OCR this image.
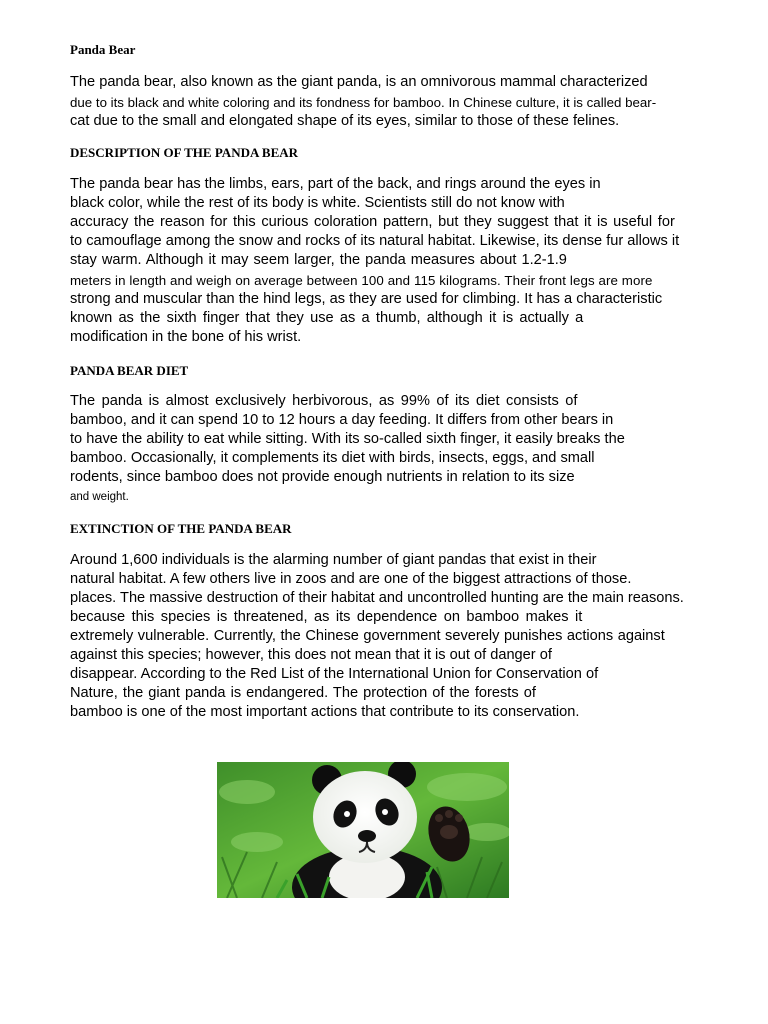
Panda Bear
The panda bear, also known as the giant panda, is an omnivorous mammal characterized
due to its black and white coloring and its fondness for bamboo. In Chinese culture, it is called bear-
cat due to the small and elongated shape of its eyes, similar to those of these felines.
DESCRIPTION OF THE PANDA BEAR
The panda bear has the limbs, ears, part of the back, and rings around the eyes in
black color, while the rest of its body is white. Scientists still do not know with
accuracy the reason for this curious coloration pattern, but they suggest that it is useful for
to camouflage among the snow and rocks of its natural habitat. Likewise, its dense fur allows it
stay warm. Although it may seem larger, the panda measures about 1.2-1.9
meters in length and weigh on average between 100 and 115 kilograms. Their front legs are more
strong and muscular than the hind legs, as they are used for climbing. It has a characteristic
known as the sixth finger that they use as a thumb, although it is actually a
modification in the bone of his wrist.
PANDA BEAR DIET
The panda is almost exclusively herbivorous, as 99% of its diet consists of
bamboo, and it can spend 10 to 12 hours a day feeding. It differs from other bears in
to have the ability to eat while sitting. With its so-called sixth finger, it easily breaks the
bamboo. Occasionally, it complements its diet with birds, insects, eggs, and small
rodents, since bamboo does not provide enough nutrients in relation to its size
and weight.
EXTINCTION OF THE PANDA BEAR
Around 1,600 individuals is the alarming number of giant pandas that exist in their
natural habitat. A few others live in zoos and are one of the biggest attractions of those.
places. The massive destruction of their habitat and uncontrolled hunting are the main reasons.
because this species is threatened, as its dependence on bamboo makes it
extremely vulnerable. Currently, the Chinese government severely punishes actions against
against this species; however, this does not mean that it is out of danger of
disappear. According to the Red List of the International Union for Conservation of
Nature, the giant panda is endangered. The protection of the forests of
bamboo is one of the most important actions that contribute to its conservation.
